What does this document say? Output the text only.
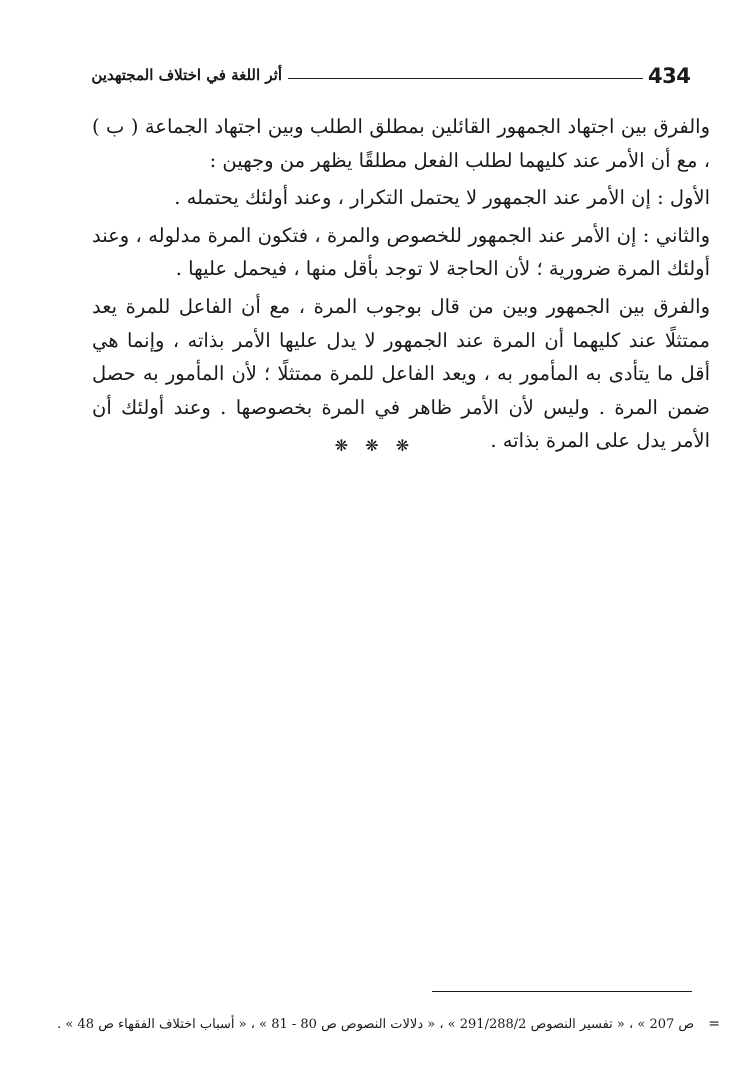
434
أثر اللغة في اختلاف المجتهدين

والفرق بين اجتهاد الجمهور القائلين بمطلق الطلب وبين اجتهاد الجماعة ( ب ) ، مع أن الأمر عند كليهما لطلب الفعل مطلقًا يظهر من وجهين :

الأول : إن الأمر عند الجمهور لا يحتمل التكرار ، وعند أولئك يحتمله .

والثاني : إن الأمر عند الجمهور للخصوص والمرة ، فتكون المرة مدلوله ، وعند أولئك المرة ضرورية ؛ لأن الحاجة لا توجد بأقل منها ، فيحمل عليها .

والفرق بين الجمهور وبين من قال بوجوب المرة ، مع أن الفاعل للمرة يعد ممتثلًا عند كليهما أن المرة عند الجمهور لا يدل عليها الأمر بذاته ، وإنما هي أقل ما يتأدى به المأمور به ، ويعد الفاعل للمرة ممتثلًا ؛ لأن المأمور به حصل ضمن المرة . وليس لأن الأمر ظاهر في المرة بخصوصها . وعند أولئك أن الأمر يدل على المرة بذاته .

❋ ❋ ❋
= ص 207 » ، « تفسير النصوص 291/288/2 » ، « دلالات النصوص ص 80 - 81 » ، « أسباب اختلاف الفقهاء ص 48 » .
